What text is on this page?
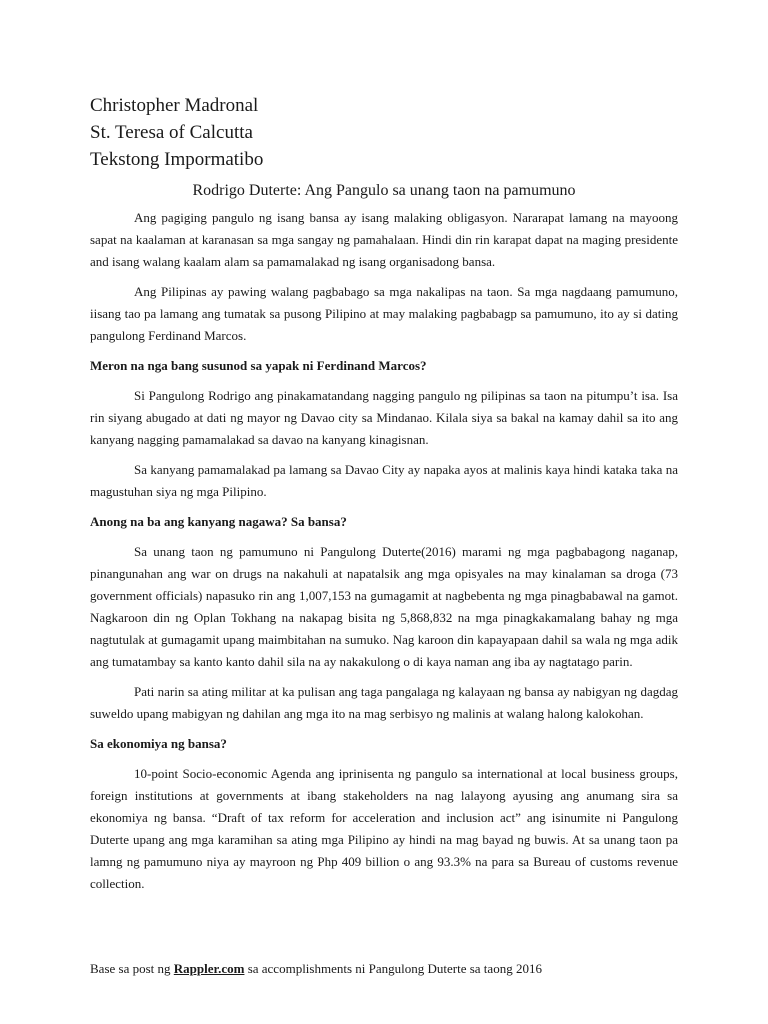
Christopher Madronal
St. Teresa of Calcutta
Tekstong Impormatibo
Rodrigo Duterte: Ang Pangulo sa unang taon na pamumuno

Ang pagiging pangulo ng isang bansa ay isang malaking obligasyon. Nararapat lamang na mayoong sapat na kaalaman at karanasan sa mga sangay ng pamahalaan. Hindi din rin karapat dapat na maging presidente and isang walang kaalam alam sa pamamalakad ng isang organisadong bansa.

Ang Pilipinas ay pawing walang pagbabago sa mga nakalipas na taon. Sa mga nagdaang pamumuno, iisang tao pa lamang ang tumatak sa pusong Pilipino at may malaking pagbabagp sa pamumuno, ito ay si dating pangulong Ferdinand Marcos.

Meron na nga bang susunod sa yapak ni Ferdinand Marcos?

Si Pangulong Rodrigo ang pinakamatandang nagging pangulo ng pilipinas sa taon na pitumpu’t isa. Isa rin siyang abugado at dati ng mayor ng Davao city sa Mindanao. Kilala siya sa bakal na kamay dahil sa ito ang kanyang nagging pamamalakad sa davao na kanyang kinagisnan.

Sa kanyang pamamalakad pa lamang sa Davao City ay napaka ayos at malinis kaya hindi kataka taka na magustuhan siya ng mga Pilipino.

Anong na ba ang kanyang nagawa? Sa bansa?

Sa unang taon ng pamumuno ni Pangulong Duterte(2016) marami ng mga pagbabagong naganap, pinangunahan ang war on drugs na nakahuli at napatalsik ang mga opisyales na may kinalaman sa droga (73 government officials) napasuko rin ang 1,007,153 na gumagamit at nagbebenta ng mga pinagbabawal na gamot. Nagkaroon din ng Oplan Tokhang na nakapag bisita ng 5,868,832 na mga pinagkakamalang bahay ng mga nagtutulak at gumagamit upang maimbitahan na sumuko. Nag karoon din kapayapaan dahil sa wala ng mga adik ang tumatambay sa kanto kanto dahil sila na ay nakakulong o di kaya naman ang iba ay nagtatago parin.

Pati narin sa ating militar at ka pulisan ang taga pangalaga ng kalayaan ng bansa ay nabigyan ng dagdag suweldo upang mabigyan ng dahilan ang mga ito na mag serbisyo ng malinis at walang halong kalokohan.

Sa ekonomiya ng bansa?

10-point Socio-economic Agenda ang iprinisenta ng pangulo sa international at local business groups, foreign institutions at governments at ibang stakeholders na nag lalayong ayusing ang anumang sira sa ekonomiya ng bansa. “Draft of tax reform for acceleration and inclusion act” ang isinumite ni Pangulong Duterte upang ang mga karamihan sa ating mga Pilipino ay hindi na mag bayad ng buwis. At sa unang taon pa lamng ng pamumuno niya ay mayroon ng Php 409 billion o ang 93.3% na para sa Bureau of customs revenue collection.

Base sa post ng Rappler.com sa accomplishments ni Pangulong Duterte sa taong 2016
